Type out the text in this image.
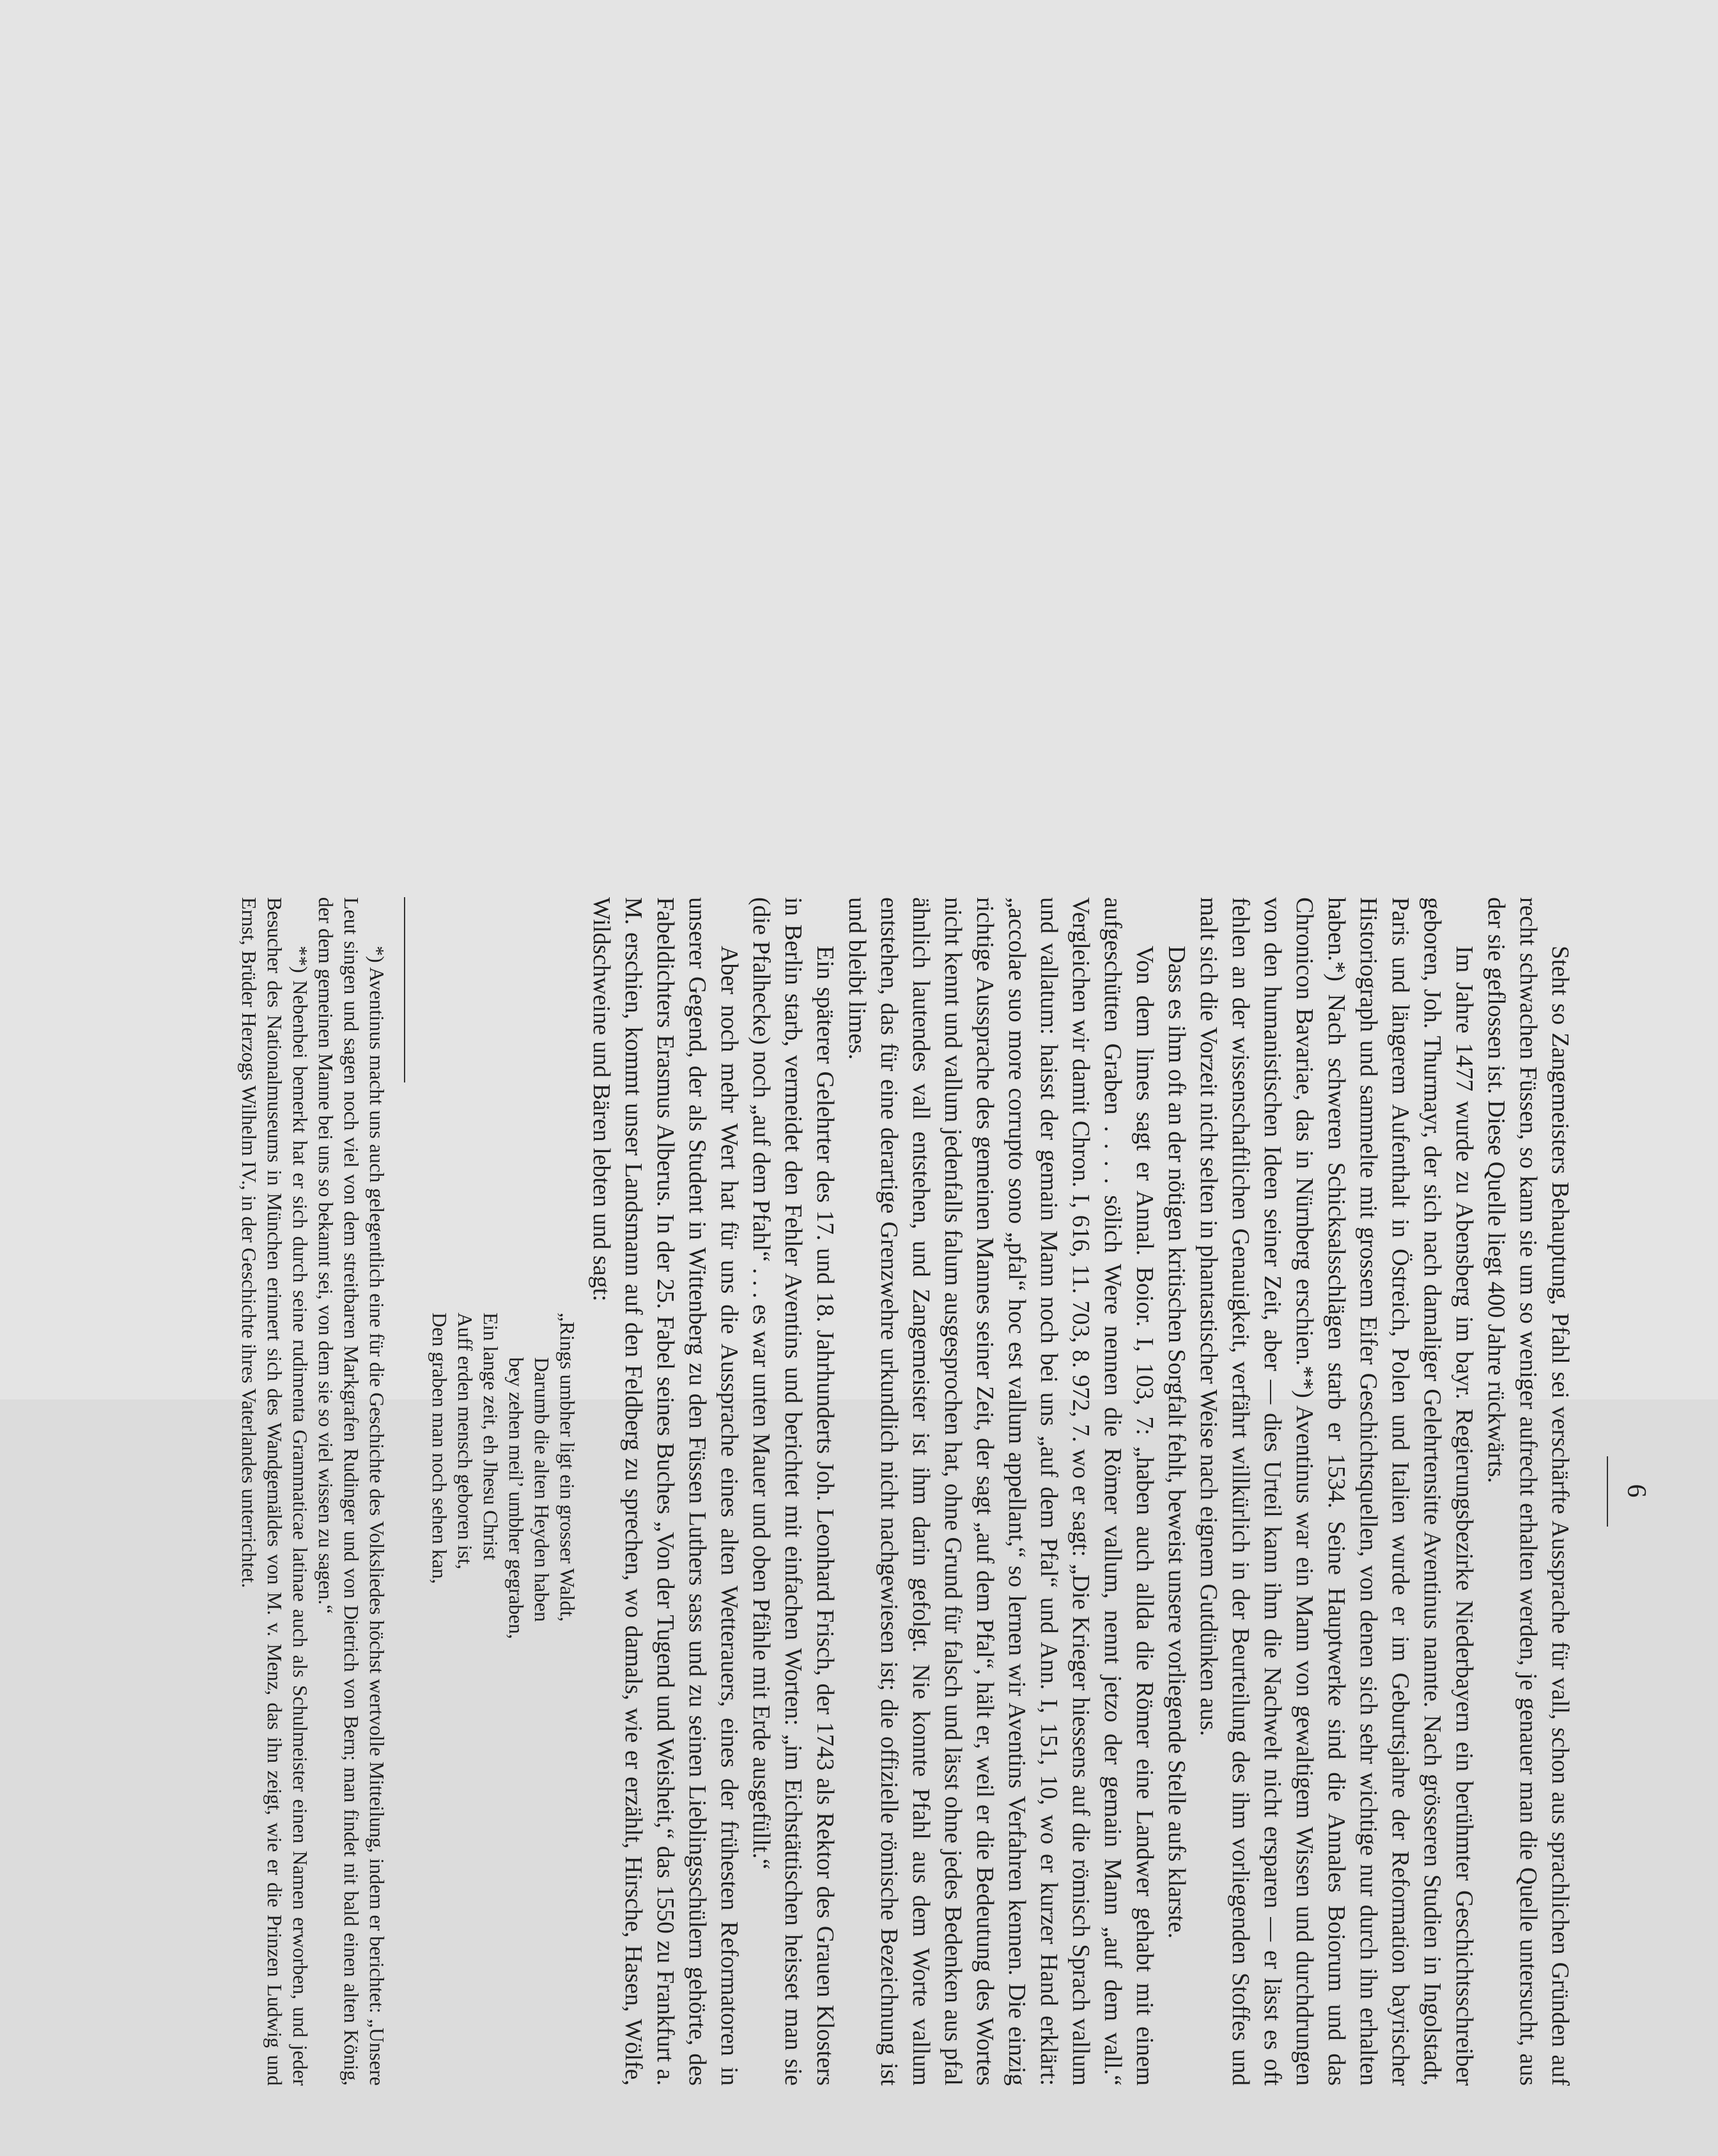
6

Steht so Zangemeisters Behauptung, Pfahl sei verschärfte Aussprache für vall, schon aus sprachlichen Gründen auf recht schwachen Füssen, so kann sie um so weniger aufrecht erhalten werden, je genauer man die Quelle untersucht, aus der sie geflossen ist. Diese Quelle liegt 400 Jahre rückwärts.

Im Jahre 1477 wurde zu Abensberg im bayr. Regierungsbezirke Niederbayern ein berühmter Geschichtsschreiber geboren, Joh. Thurmayr, der sich nach damaliger Gelehrtensitte Aventinus nannte. Nach grösseren Studien in Ingolstadt, Paris und längerem Aufenthalt in Östreich, Polen und Italien wurde er im Geburtsjahre der Reformation bayrischer Historiograph und sammelte mit grossem Eifer Geschichtsquellen, von denen sich sehr wichtige nur durch ihn erhalten haben.*) Nach schweren Schicksalsschlägen starb er 1534. Seine Hauptwerke sind die Annales Boiorum und das Chronicon Bavariae, das in Nürnberg erschien.**) Aventinus war ein Mann von gewaltigem Wissen und durchdrungen von den humanistischen Ideen seiner Zeit, aber — dies Urteil kann ihm die Nachwelt nicht ersparen — er lässt es oft fehlen an der wissenschaftlichen Genauigkeit, verfährt willkürlich in der Beurteilung des ihm vorliegenden Stoffes und malt sich die Vorzeit nicht selten in phantastischer Weise nach eignem Gutdünken aus.

Dass es ihm oft an der nötigen kritischen Sorgfalt fehlt, beweist unsere vorliegende Stelle aufs klarste.

Von dem limes sagt er Annal. Boior. I, 103, 7: „haben auch allda die Römer eine Landwer gehabt mit einem aufgeschütten Graben . . . . sölich Were nennen die Römer vallum, nennt jetzo der gemain Mann „auf dem vall.“ Vergleichen wir damit Chron. I, 616, 11. 703, 8. 972, 7. wo er sagt: „Die Krieger hiessens auf die römisch Sprach vallum und vallatum: haisst der gemain Mann noch bei uns „auf dem Pfal“ und Ann. I, 151, 10, wo er kurzer Hand erklärt: „accolae suo more corrupto sono „pfal“ hoc est vallum appellant,“ so lernen wir Aventins Verfahren kennen. Die einzig richtige Aussprache des gemeinen Mannes seiner Zeit, der sagt „auf dem Pfal“, hält er, weil er die Bedeutung des Wortes nicht kennt und vallum jedenfalls falum ausgesprochen hat, ohne Grund für falsch und lässt ohne jedes Bedenken aus pfal ähnlich lautendes vall entstehen, und Zangemeister ist ihm darin gefolgt. Nie konnte Pfahl aus dem Worte vallum entstehen, das für eine derartige Grenzwehre urkundlich nicht nachgewiesen ist; die offizielle römische Bezeichnung ist und bleibt limes.

Ein späterer Gelehrter des 17. und 18. Jahrhunderts Joh. Leonhard Frisch, der 1743 als Rektor des Grauen Klosters in Berlin starb, vermeidet den Fehler Aventins und berichtet mit einfachen Worten: „im Eichstättischen heisset man sie (die Pfalhecke) noch „auf dem Pfahl“ . . . es war unten Mauer und oben Pfähle mit Erde ausgefüllt.“

Aber noch mehr Wert hat für uns die Aussprache eines alten Wetterauers, eines der frühesten Reformatoren in unserer Gegend, der als Student in Wittenberg zu den Füssen Luthers sass und zu seinen Lieblingsschülern gehörte, des Fabeldichters Erasmus Alberus. In der 25. Fabel seines Buches „Von der Tugend und Weisheit,“ das 1550 zu Frankfurt a. M. erschien, kommt unser Landsmann auf den Feldberg zu sprechen, wo damals, wie er erzählt, Hirsche, Hasen, Wölfe, Wildschweine und Bären lebten und sagt:

„Rings umbher ligt ein grosser Waldt,
Darumb die alten Heyden haben
bey zehen meil’ umbher gegraben,
Ein lange zeit, eh Jhesu Christ
Auff erden mensch geboren ist,
Den graben man noch sehen kan,

*) Aventinus macht uns auch gelegentlich eine für die Geschichte des Volksliedes höchst wertvolle Mitteilung, indem er berichtet: „Unsere Leut singen und sagen noch viel von dem streitbaren Markgrafen Rudinger und von Dietrich von Bern; man findet nit bald einen alten König, der dem gemeinen Manne bei uns so bekannt sei, von dem sie so viel wissen zu sagen.“

**) Nebenbei bemerkt hat er sich durch seine rudimenta Grammaticae latinae auch als Schulmeister einen Namen erworben, und jeder Besucher des Nationalmuseums in München erinnert sich des Wandgemäldes von M. v. Menz, das ihn zeigt, wie er die Prinzen Ludwig und Ernst, Brüder Herzogs Wilhelm IV., in der Geschichte ihres Vaterlandes unterrichtet.
